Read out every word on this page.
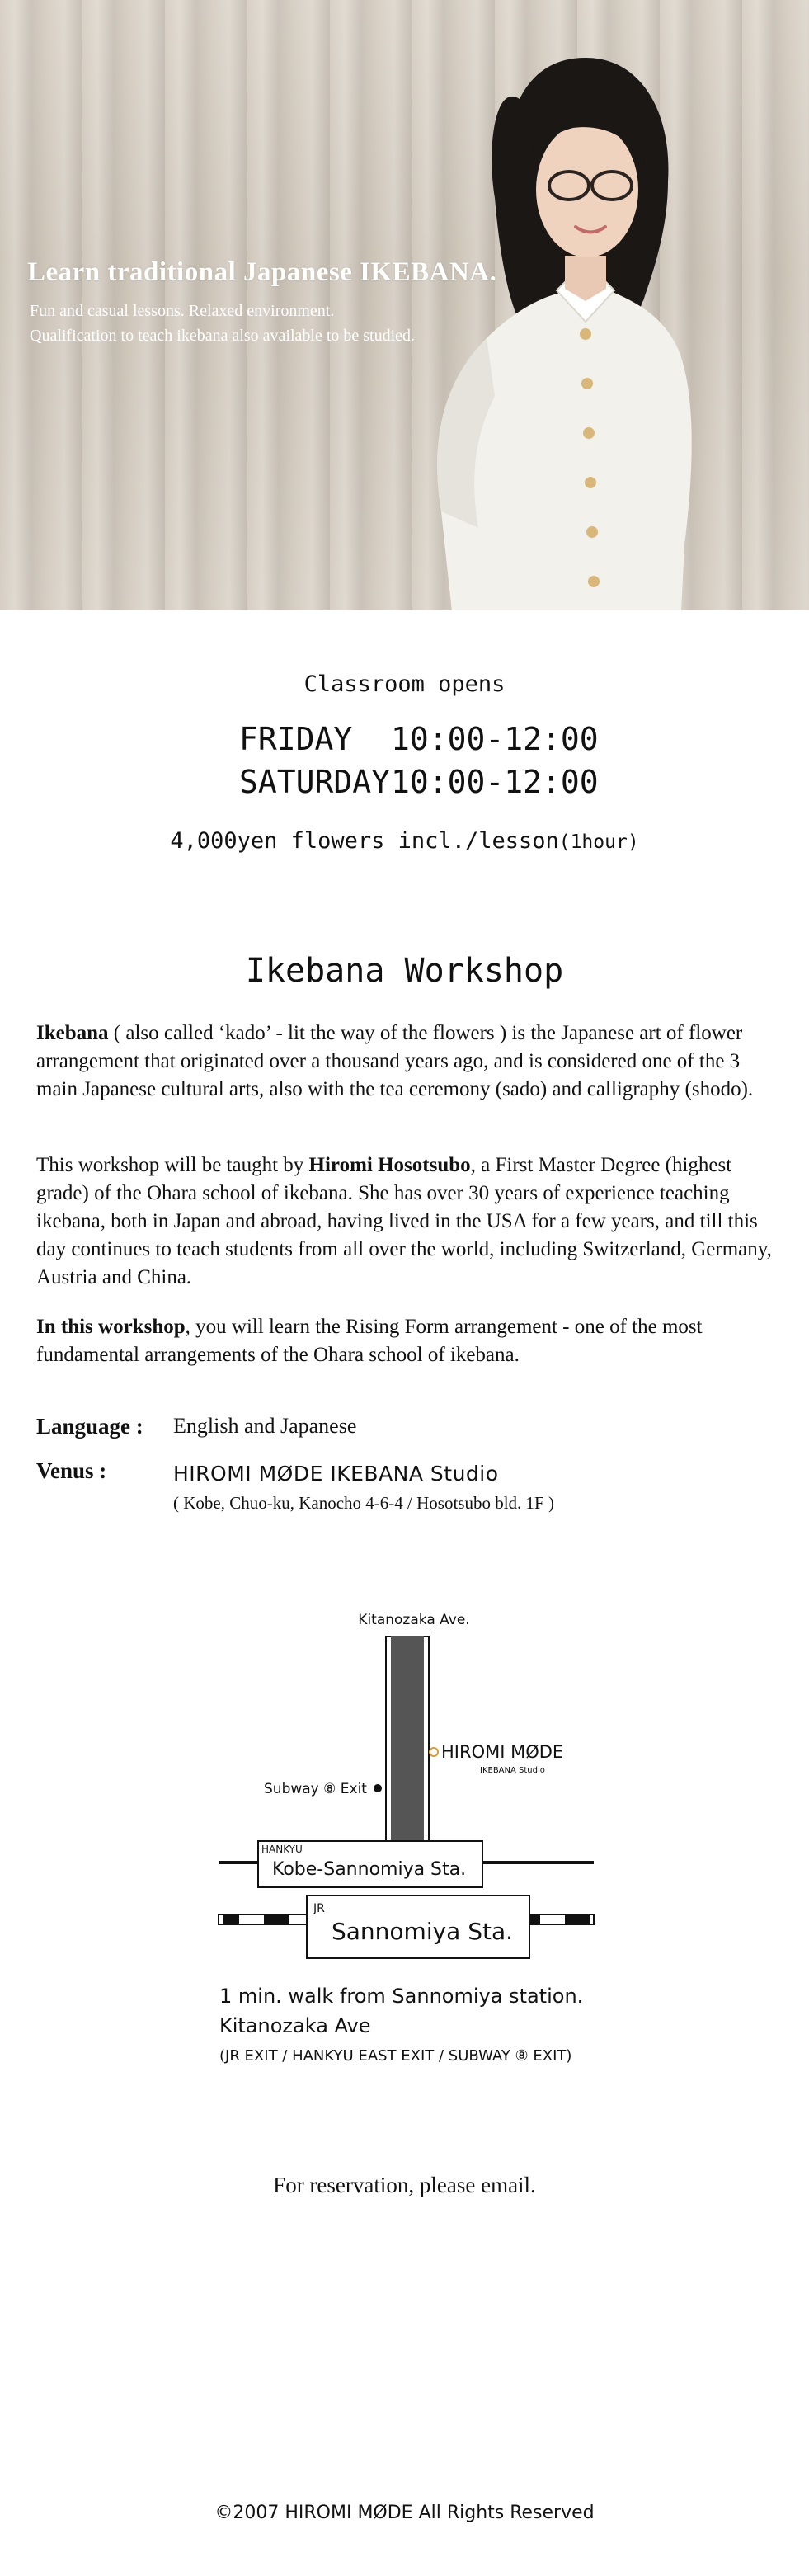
Learn traditional Japanese IKEBANA.
Fun and casual lessons. Relaxed environment.
Qualification to teach ikebana also available to be studied.
Classroom opens
FRIDAY	10:00-12:00
SATURDAY 10:00-12:00
4,000yen flowers incl./lesson(1hour)
Ikebana Workshop
Ikebana ( also called ‘kado’ - lit the way of the flowers ) is the Japanese art of flower arrangement that originated over a thousand years ago, and is considered one of the 3 main Japanese cultural arts, also with the tea ceremony (sado) and calligraphy (shodo).
This workshop will be taught by Hiromi Hosotsubo, a First Master Degree (highest grade) of the Ohara school of ikebana. She has over 30 years of experience teaching ikebana, both in Japan and abroad, having lived in the USA for a few years, and till this day continues to teach students from all over the world, including Switzerland, Germany, Austria and China.
In this workshop, you will learn the Rising Form arrangement - one of the most fundamental arrangements of the Ohara school of ikebana.
Language : English and Japanese
Venus :	HIROMI MØDE IKEBANA Studio
( Kobe, Chuo-ku, Kanocho 4-6-4 / Hosotsubo bld. 1F )
Kitanozaka Ave.
HIROMI MØDE
IKEBANA Studio
Subway ⑧ Exit
HANKYU
Kobe-Sannomiya Sta.
JR
Sannomiya Sta.
1 min. walk from Sannomiya station.
Kitanozaka Ave
(JR EXIT / HANKYU EAST EXIT / SUBWAY ⑧ EXIT)
For reservation, please email.
©2007 HIROMI MØDE All Rights Reserved
